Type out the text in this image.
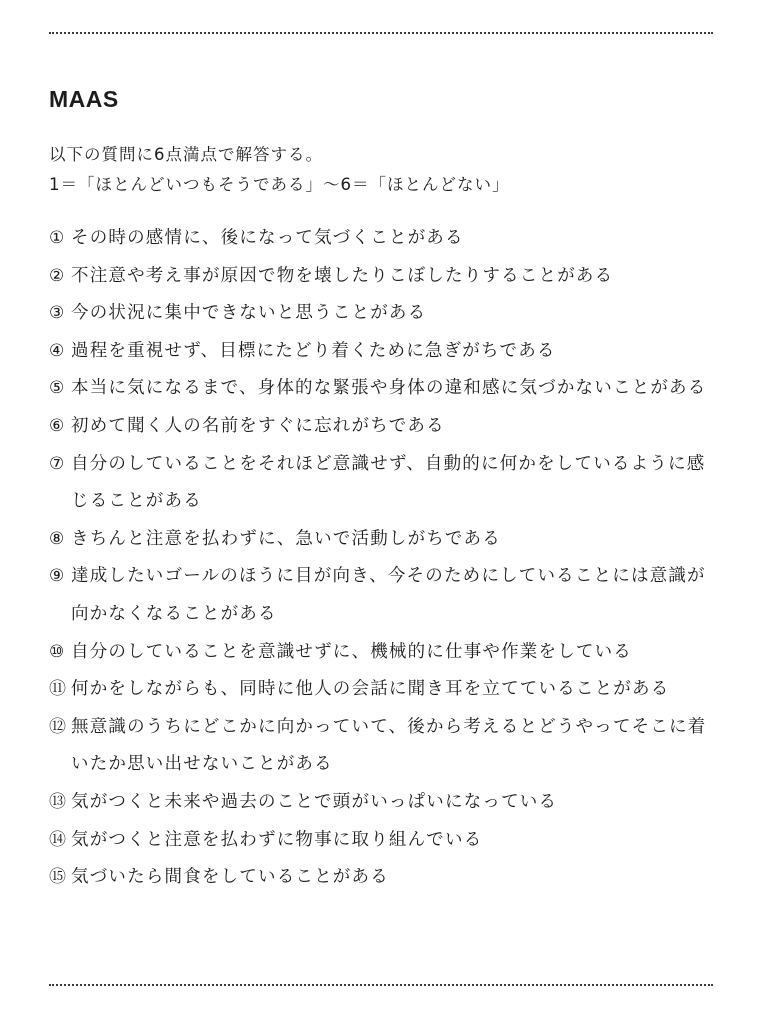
MAAS
以下の質問に6点満点で解答する。
1＝「ほとんどいつもそうである」〜6＝「ほとんどない」
① その時の感情に、後になって気づくことがある
② 不注意や考え事が原因で物を壊したりこぼしたりすることがある
③ 今の状況に集中できないと思うことがある
④ 過程を重視せず、目標にたどり着くために急ぎがちである
⑤ 本当に気になるまで、身体的な緊張や身体の違和感に気づかないことがある
⑥ 初めて聞く人の名前をすぐに忘れがちである
⑦ 自分のしていることをそれほど意識せず、自動的に何かをしているように感じることがある
⑧ きちんと注意を払わずに、急いで活動しがちである
⑨ 達成したいゴールのほうに目が向き、今そのためにしていることには意識が向かなくなることがある
⑩ 自分のしていることを意識せずに、機械的に仕事や作業をしている
⑪ 何かをしながらも、同時に他人の会話に聞き耳を立てていることがある
⑫ 無意識のうちにどこかに向かっていて、後から考えるとどうやってそこに着いたか思い出せないことがある
⑬ 気がつくと未来や過去のことで頭がいっぱいになっている
⑭ 気がつくと注意を払わずに物事に取り組んでいる
⑮ 気づいたら間食をしていることがある
